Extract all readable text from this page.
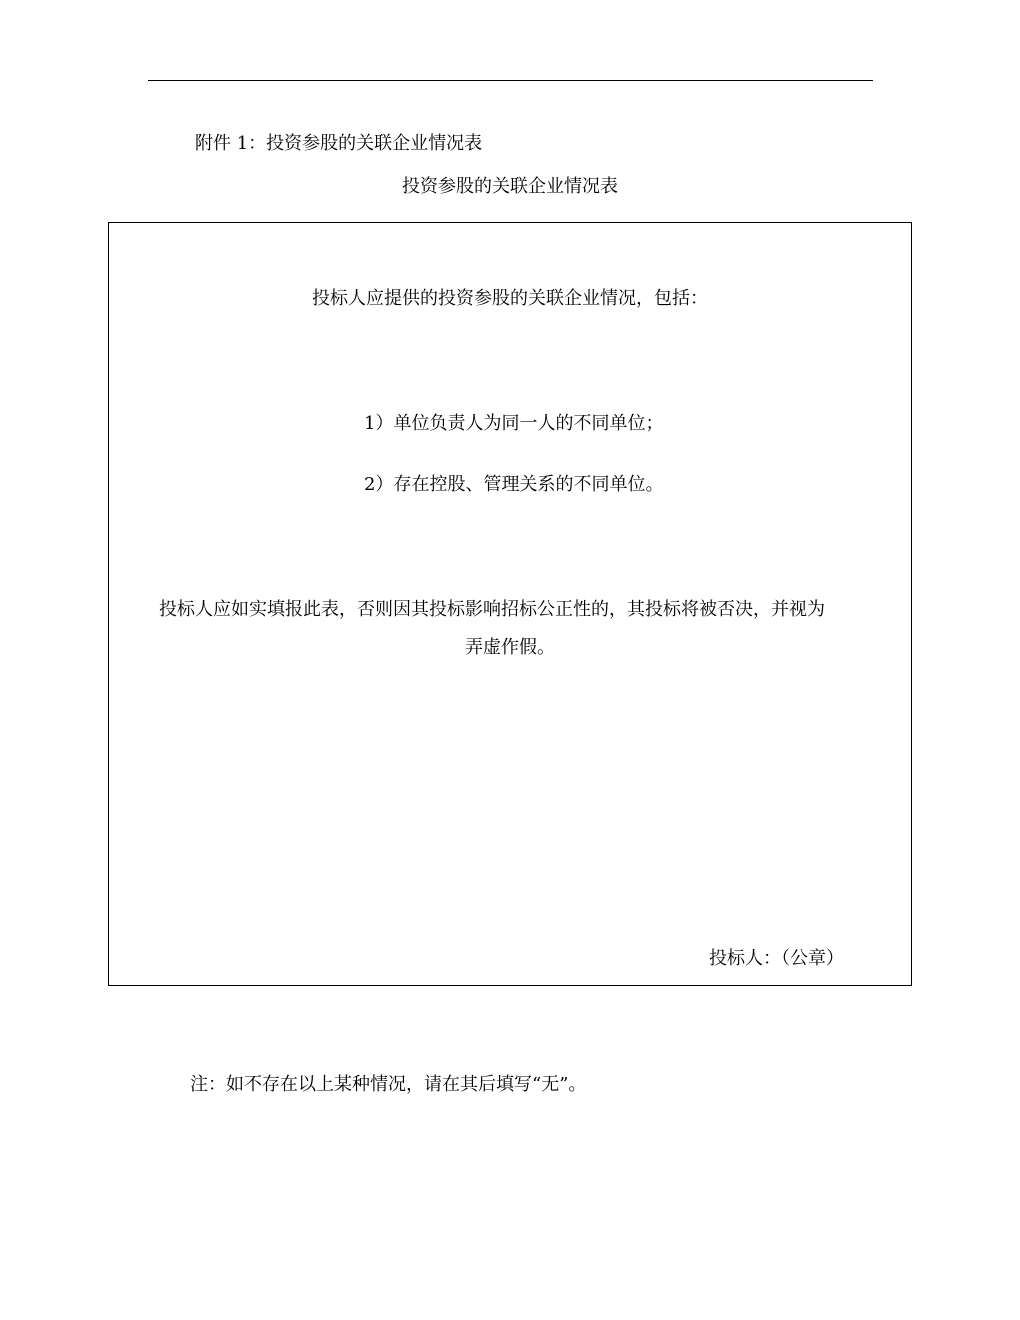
附件 1：投资参股的关联企业情况表
投资参股的关联企业情况表
投标人应提供的投资参股的关联企业情况，包括：
1）单位负责人为同一人的不同单位；
2）存在控股、管理关系的不同单位。
投标人应如实填报此表，否则因其投标影响招标公正性的，其投标将被否决，并视为
弄虚作假。
投标人：（公章）
注：如不存在以上某种情况，请在其后填写“无”。
